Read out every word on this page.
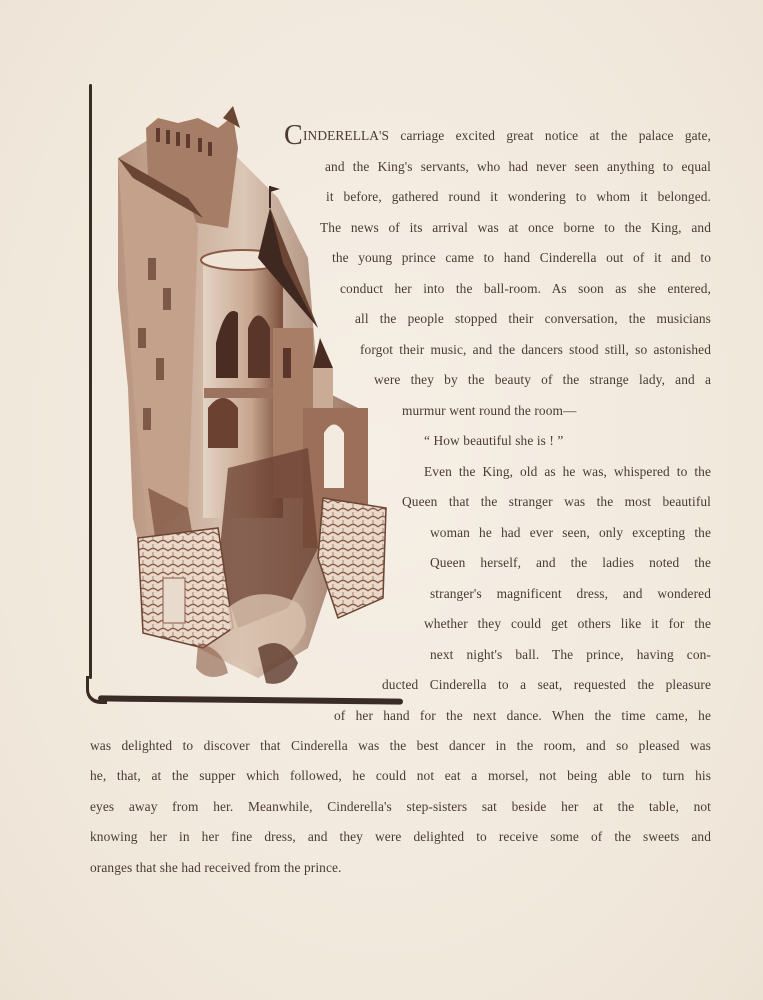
C INDERELLA'S carriage excited great notice at the palace gate,
and the King's servants, who had never seen anything to equal
it before, gathered round it wondering to whom it belonged.
The news of its arrival was at once borne to the King, and
the young prince came to hand Cinderella out of it and to
conduct her into the ball-room. As soon as she entered,
all the people stopped their conversation, the musicians
forgot their music, and the dancers stood still, so astonished
were they by the beauty of the strange lady, and a
murmur went round the room—
“ How beautiful she is ! ”
Even the King, old as he was, whispered to the
Queen that the stranger was the most beautiful
woman he had ever seen, only excepting the
Queen herself, and the ladies noted the
stranger's magnificent dress, and wondered
whether they could get others like it for the
next night's ball. The prince, having con-
ducted Cinderella to a seat, requested the pleasure
of her hand for the next dance. When the time came, he
was delighted to discover that Cinderella was the best dancer in the room, and so pleased was
he, that, at the supper which followed, he could not eat a morsel, not being able to turn his
eyes away from her. Meanwhile, Cinderella's step-sisters sat beside her at the table, not
knowing her in her fine dress, and they were delighted to receive some of the sweets and
oranges that she had received from the prince.
